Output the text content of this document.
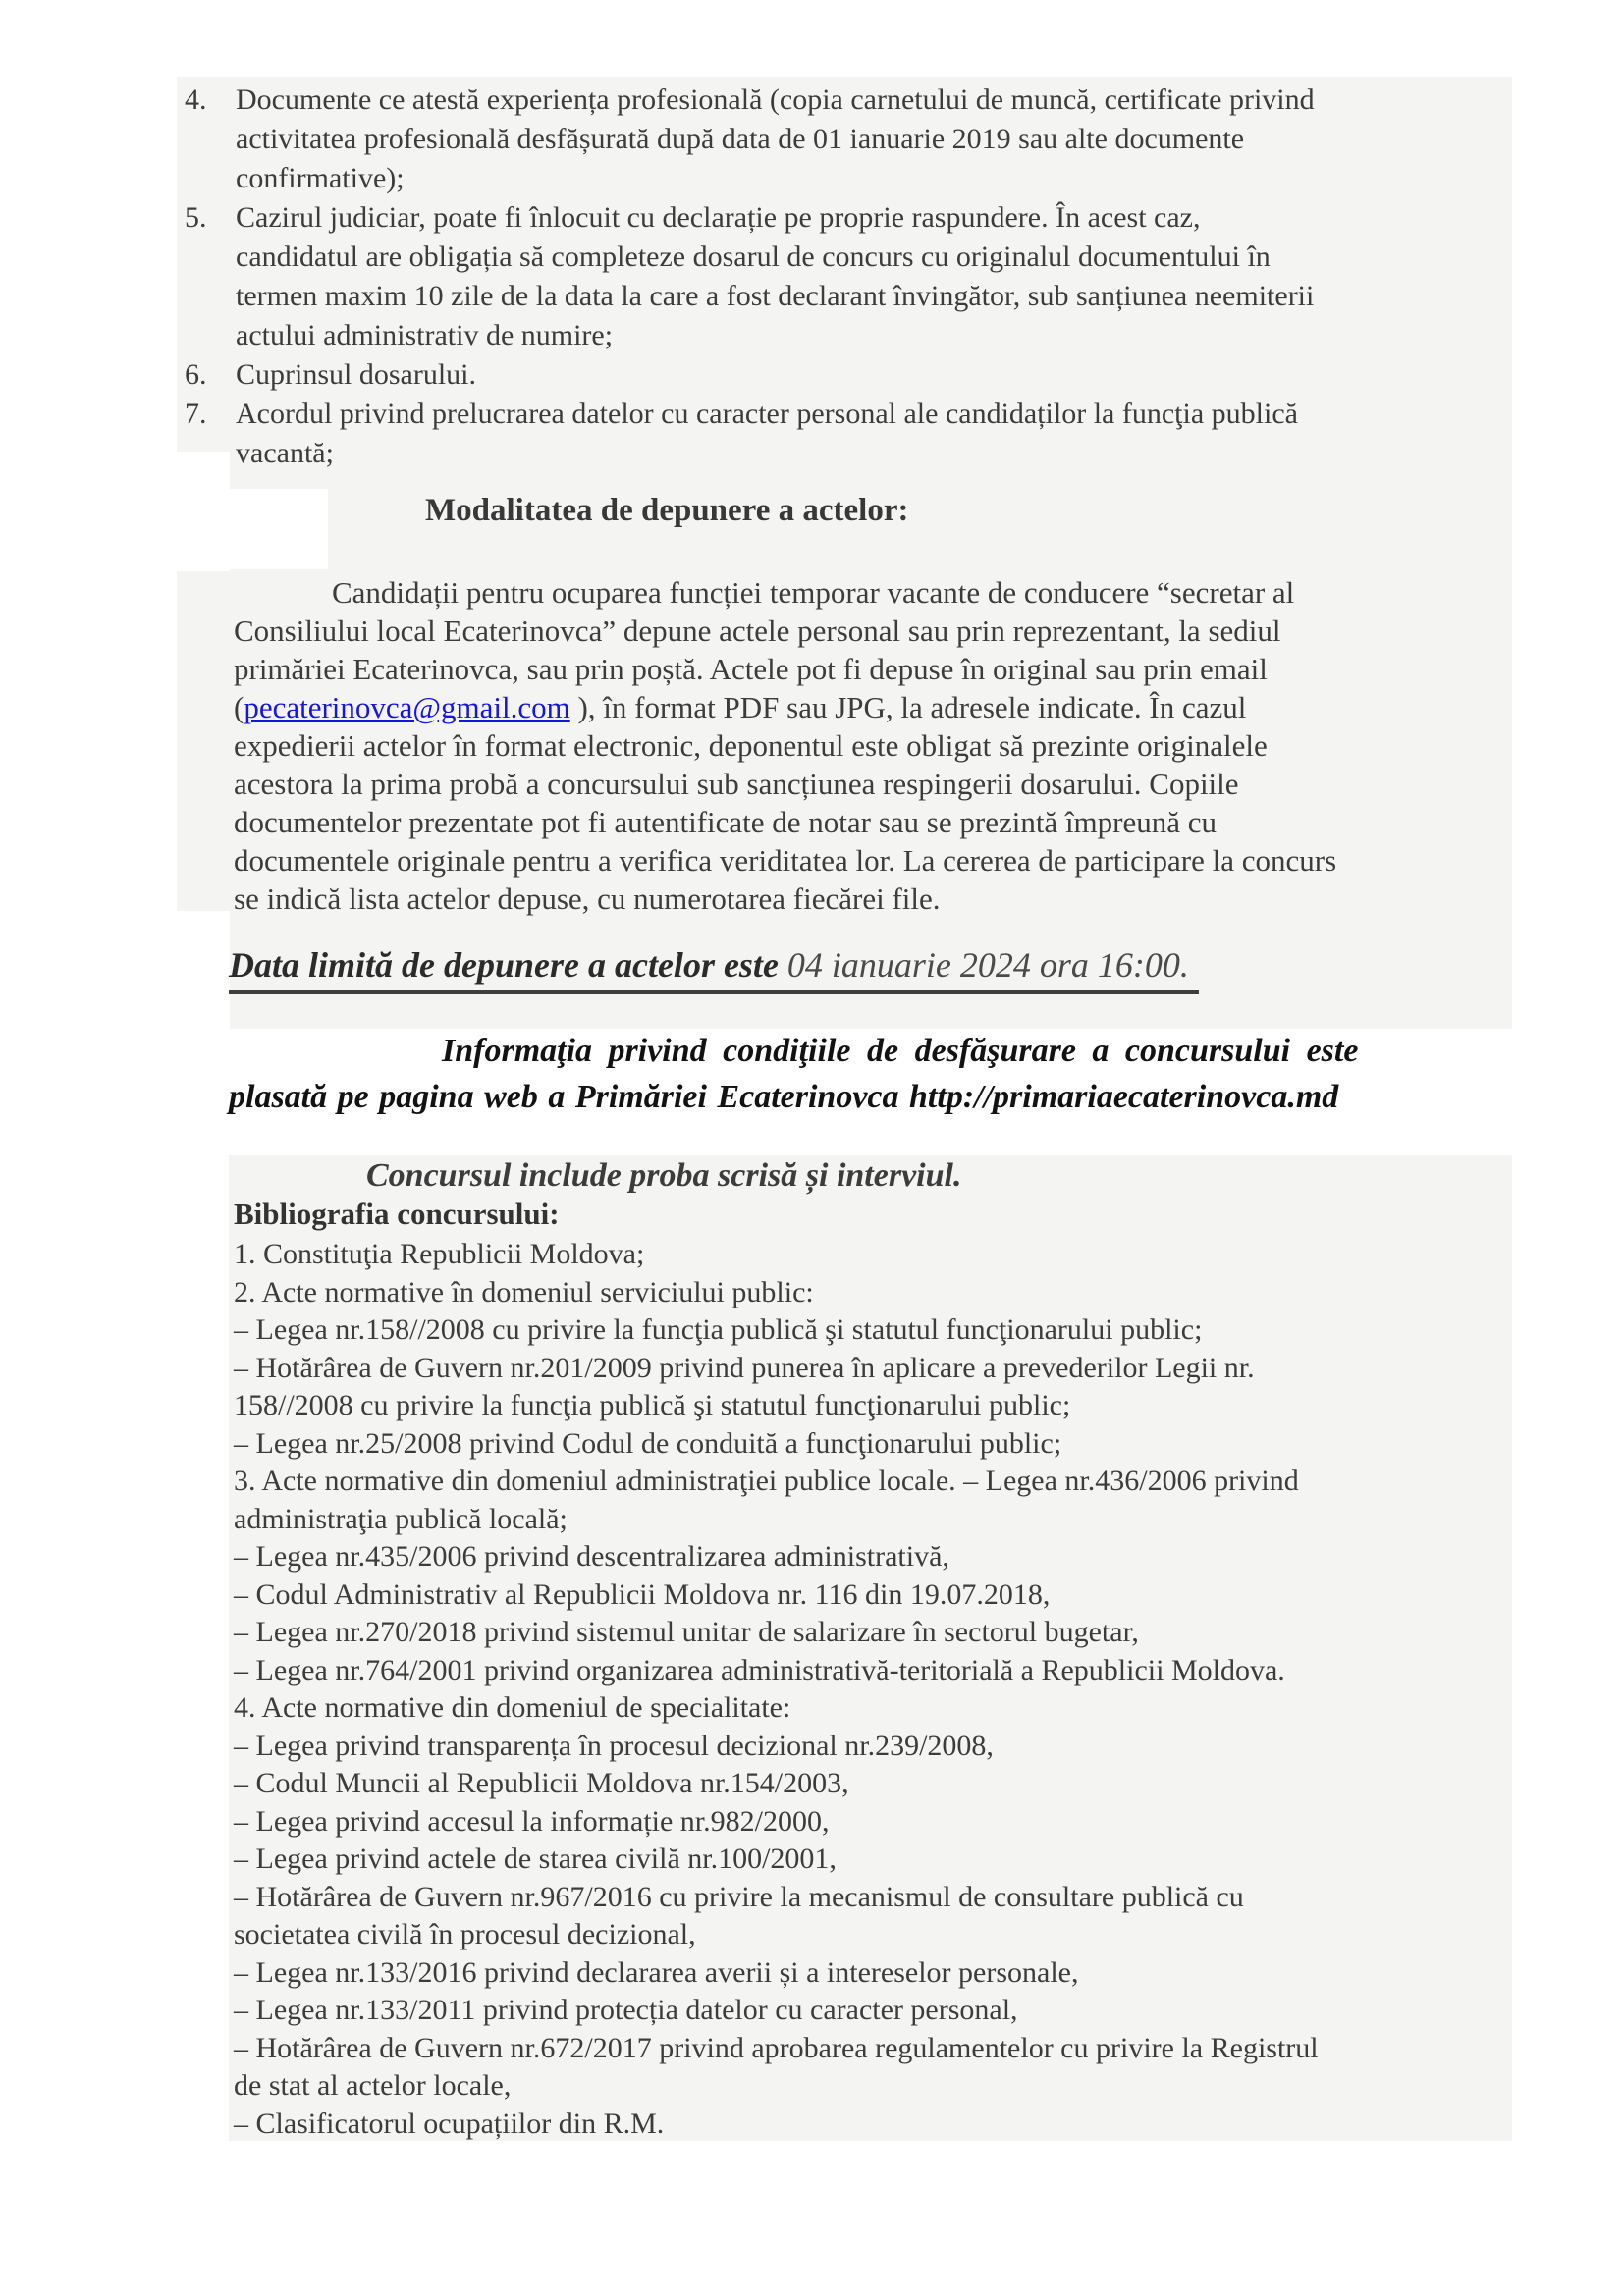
4. Documente ce atestă experiența profesională (copia carnetului de muncă, certificate privind
activitatea profesională desfășurată după data de 01 ianuarie 2019 sau alte documente
confirmative);
5. Cazirul judiciar, poate fi înlocuit cu declarație pe proprie raspundere. În acest caz,
candidatul are obligația să completeze dosarul de concurs cu originalul documentului în
termen maxim 10 zile de la data la care a fost declarant învingător, sub sanțiunea neemiterii
actului administrativ de numire;
6. Cuprinsul dosarului.
7. Acordul privind prelucrarea datelor cu caracter personal ale candidaților la funcţia publică
vacantă;
Modalitatea de depunere a actelor:
Candidații pentru ocuparea funcției temporar vacante de conducere “secretar al
Consiliului local Ecaterinovca” depune actele personal sau prin reprezentant, la sediul
primăriei Ecaterinovca, sau prin poștă. Actele pot fi depuse în original sau prin email
(pecaterinovca@gmail.com ), în format PDF sau JPG, la adresele indicate. În cazul
expedierii actelor în format electronic, deponentul este obligat să prezinte originalele
acestora la prima probă a concursului sub sancțiunea respingerii dosarului. Copiile
documentelor prezentate pot fi autentificate de notar sau se prezintă împreună cu
documentele originale pentru a verifica veriditatea lor. La cererea de participare la concurs
se indică lista actelor depuse, cu numerotarea fiecărei file.
Data limită de depunere a actelor este 04 ianuarie 2024 ora 16:00.
Informaţia privind condiţiile de desfăşurare a concursului este
plasată pe pagina web a Primăriei Ecaterinovca http://primariaecaterinovca.md
Concursul include proba scrisă și interviul.
Bibliografia concursului:
1. Constituţia Republicii Moldova;
2. Acte normative în domeniul serviciului public:
– Legea nr.158//2008 cu privire la funcţia publică şi statutul funcţionarului public;
– Hotărârea de Guvern nr.201/2009 privind punerea în aplicare a prevederilor Legii nr.
158//2008 cu privire la funcţia publică şi statutul funcţionarului public;
– Legea nr.25/2008 privind Codul de conduită a funcţionarului public;
3. Acte normative din domeniul administraţiei publice locale. – Legea nr.436/2006 privind
administraţia publică locală;
– Legea nr.435/2006 privind descentralizarea administrativă,
– Codul Administrativ al Republicii Moldova nr. 116 din 19.07.2018,
– Legea nr.270/2018 privind sistemul unitar de salarizare în sectorul bugetar,
– Legea nr.764/2001 privind organizarea administrativă-teritorială a Republicii Moldova.
4. Acte normative din domeniul de specialitate:
– Legea privind transparența în procesul decizional nr.239/2008,
– Codul Muncii al Republicii Moldova nr.154/2003,
– Legea privind accesul la informație nr.982/2000,
– Legea privind actele de starea civilă nr.100/2001,
– Hotărârea de Guvern nr.967/2016 cu privire la mecanismul de consultare publică cu
societatea civilă în procesul decizional,
– Legea nr.133/2016 privind declararea averii și a intereselor personale,
– Legea nr.133/2011 privind protecția datelor cu caracter personal,
– Hotărârea de Guvern nr.672/2017 privind aprobarea regulamentelor cu privire la Registrul
de stat al actelor locale,
– Clasificatorul ocupațiilor din R.M.
